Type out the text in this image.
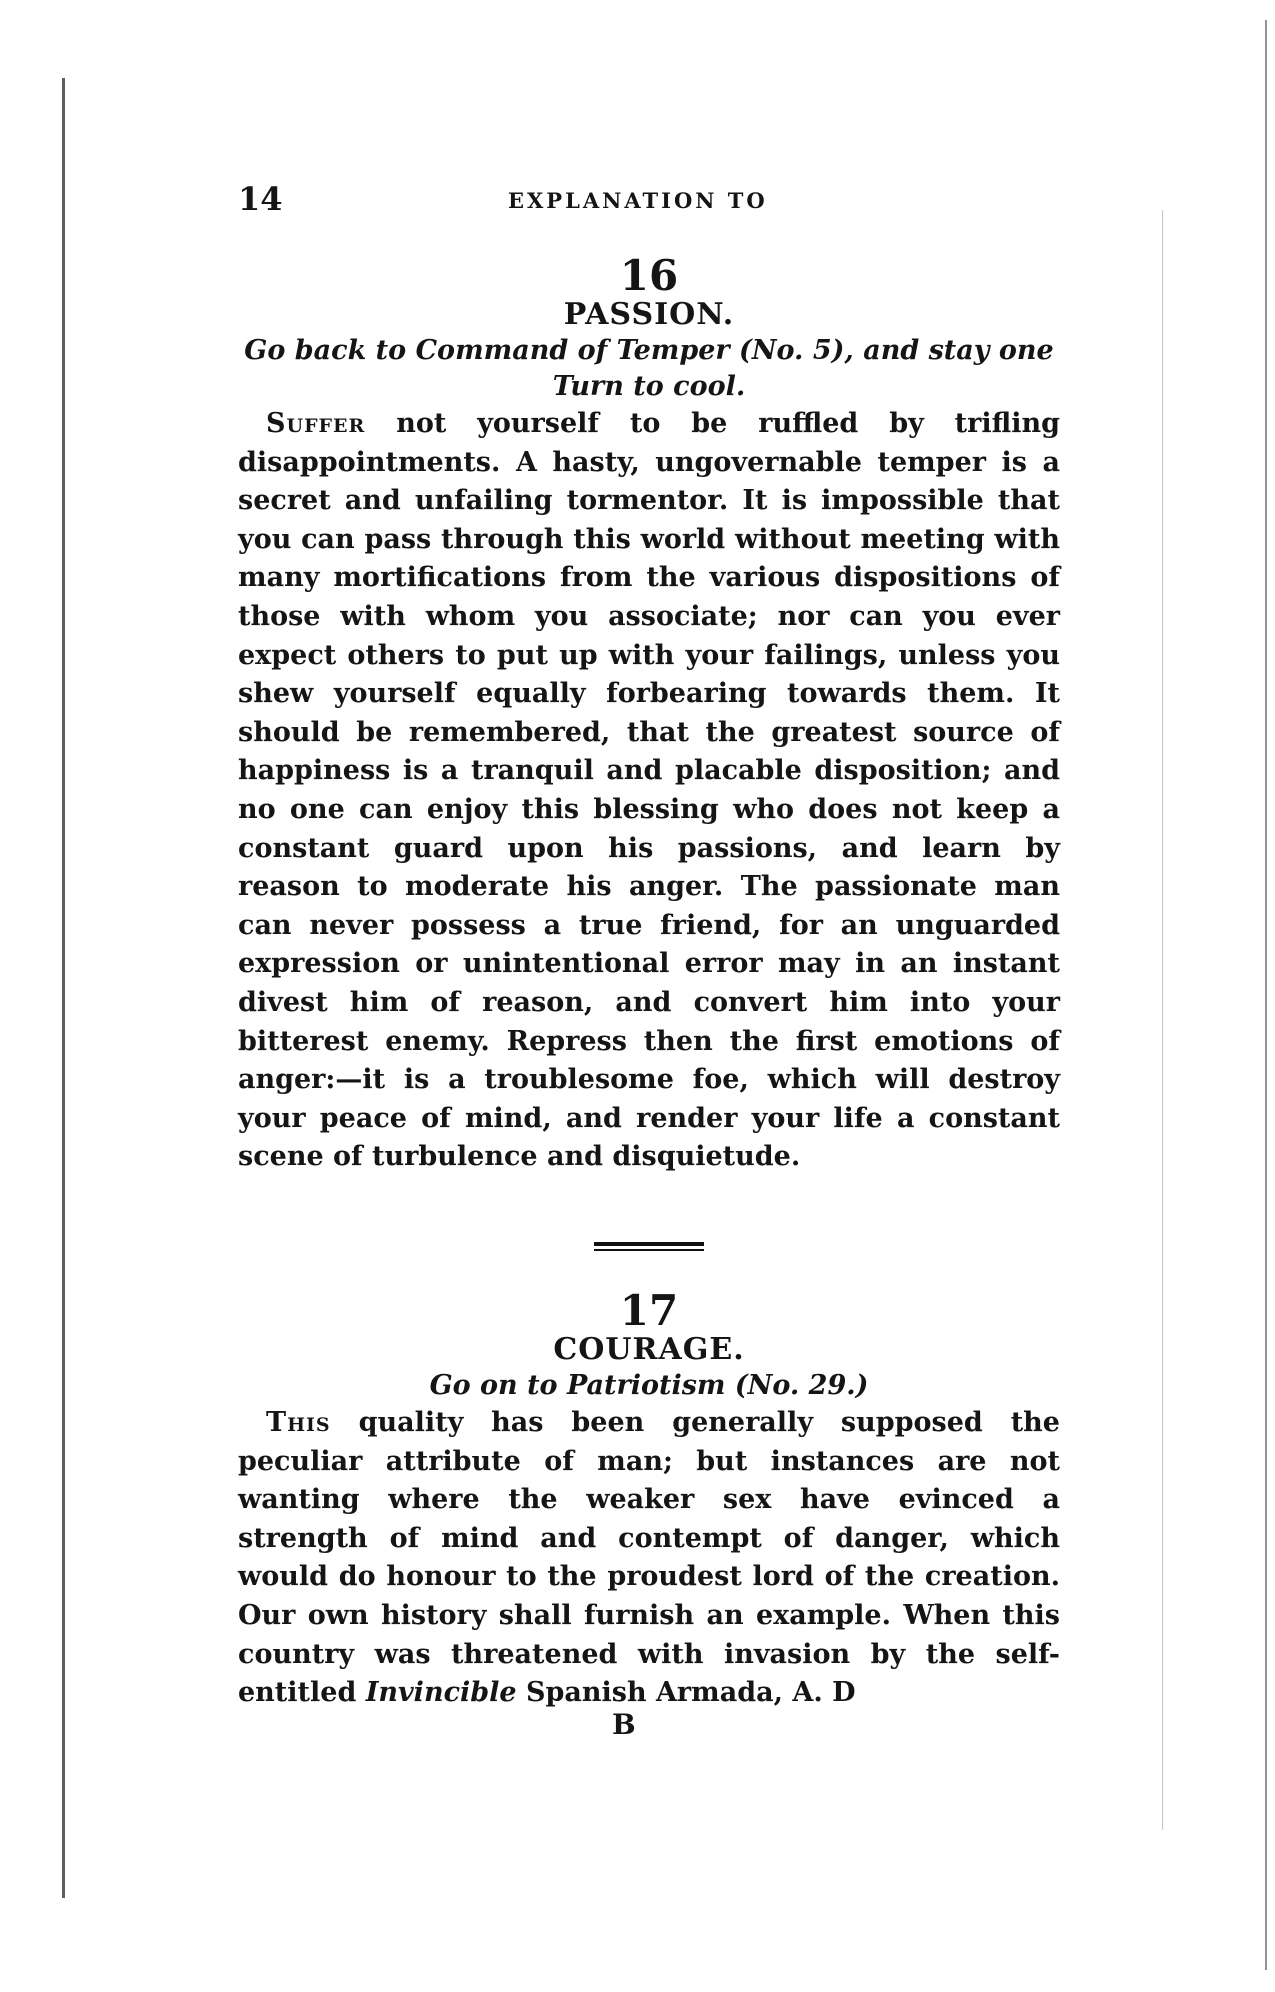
14	EXPLANATION TO
16
PASSION.

Go back to Command of Temper (No. 5), and stay one Turn to cool.

Suffer not yourself to be ruffled by trifling disappointments. A hasty, ungovernable temper is a secret and unfailing tormentor. It is impossible that you can pass through this world without meeting with many mortifications from the various dispositions of those with whom you associate; nor can you ever expect others to put up with your failings, unless you shew yourself equally forbearing towards them. It should be remembered, that the greatest source of happiness is a tranquil and placable disposition; and no one can enjoy this blessing who does not keep a constant guard upon his passions, and learn by reason to moderate his anger. The passionate man can never possess a true friend, for an unguarded expression or unintentional error may in an instant divest him of reason, and convert him into your bitterest enemy. Repress then the first emotions of anger:—it is a troublesome foe, which will destroy your peace of mind, and render your life a constant scene of turbulence and disquietude.

17
COURAGE.

Go on to Patriotism (No. 29.)

This quality has been generally supposed the peculiar attribute of man; but instances are not wanting where the weaker sex have evinced a strength of mind and contempt of danger, which would do honour to the proudest lord of the creation. Our own history shall furnish an example. When this country was threatened with invasion by the self-entitled Invincible Spanish Armada, A. D

B
